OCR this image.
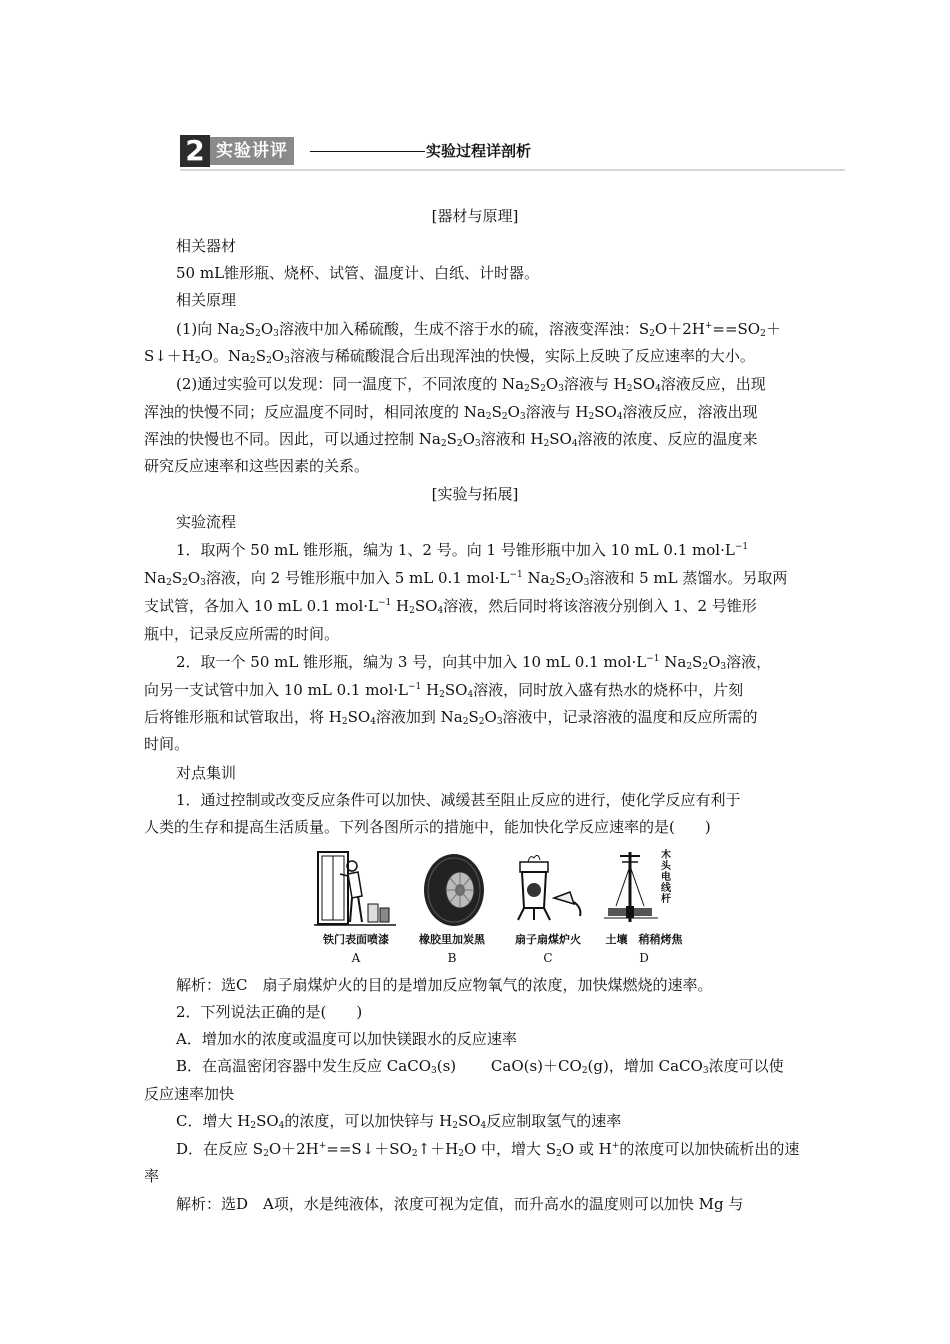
2 实验讲评	实验过程详剖析
[器材与原理]
相关器材
50 mL锥形瓶、烧杯、试管、温度计、白纸、计时器。
相关原理
(1)向 $Na_2S_2O_3$溶液中加入稀硫酸，生成不溶于水的硫，溶液变浑浊：$S_2O+2H^+==SO_2+$
$S↓+H_2O$。$Na_2S_2O_3$溶液与稀硫酸混合后出现浑浊的快慢，实际上反映了反应速率的大小。
(2)通过实验可以发现：同一温度下，不同浓度的 $Na_2S_2O_3$溶液与 $H_2SO_4$溶液反应，出现
浑浊的快慢不同；反应温度不同时，相同浓度的 $Na_2S_2O_3$溶液与 $H_2SO_4$溶液反应，溶液出现
浑浊的快慢也不同。因此，可以通过控制 $Na_2S_2O_3$溶液和 $H_2SO_4$溶液的浓度、反应的温度来
研究反应速率和这些因素的关系。
[实验与拓展]
实验流程
1．取两个 50 mL 锥形瓶，编为 1、2 号。向 1 号锥形瓶中加入 10 mL 0.1 $mol\cdot L^{-1}$
$Na_2S_2O_3$溶液，向 2 号锥形瓶中加入 5 mL 0.1 $mol\cdot L^{-1}$ $Na_2S_2O_3$溶液和 5 mL 蒸馏水。另取两
支试管，各加入 10 mL 0.1 $mol\cdot L^{-1}$ $H_2SO_4$溶液，然后同时将该溶液分别倒入 1、2 号锥形
瓶中，记录反应所需的时间。
2．取一个 50 mL 锥形瓶，编为 3 号，向其中加入 10 mL 0.1 $mol\cdot L^{-1}$ $Na_2S_2O_3$溶液，
向另一支试管中加入 10 mL 0.1 $mol\cdot L^{-1}$ $H_2SO_4$溶液，同时放入盛有热水的烧杯中，片刻
后将锥形瓶和试管取出，将 $H_2SO_4$溶液加到 $Na_2S_2O_3$溶液中，记录溶液的温度和反应所需的
时间。
对点集训
1．通过控制或改变反应条件可以加快、减缓甚至阻止反应的进行，使化学反应有利于
人类的生存和提高生活质量。下列各图所示的措施中，能加快化学反应速率的是(　　)
铁门表面喷漆
A
橡胶里加炭黑
B
扇子扇煤炉火
C
木
头
电
线
杆
土壤　稍稍烤焦
D
解析：选C　扇子扇煤炉火的目的是增加反应物氧气的浓度，加快煤燃烧的速率。
2．下列说法正确的是(　　)
A．增加水的浓度或温度可以加快镁跟水的反应速率
B．在高温密闭容器中发生反应 CaCO$_3$(s)　　 $CaO(s)+CO_2(g)$，增加 CaCO$_3$浓度可以使
反应速率加快
C．增大 $H_2SO_4$的浓度，可以加快锌与 $H_2SO_4$反应制取氢气的速率
D．在反应 $S_2O+2H^+==S↓+SO_2↑+H_2O$ 中，增大 $S_2O$ 或 H+的浓度可以加快硫析出的速
率
解析：选D　A项，水是纯液体，浓度可视为定值，而升高水的温度则可以加快 Mg 与
